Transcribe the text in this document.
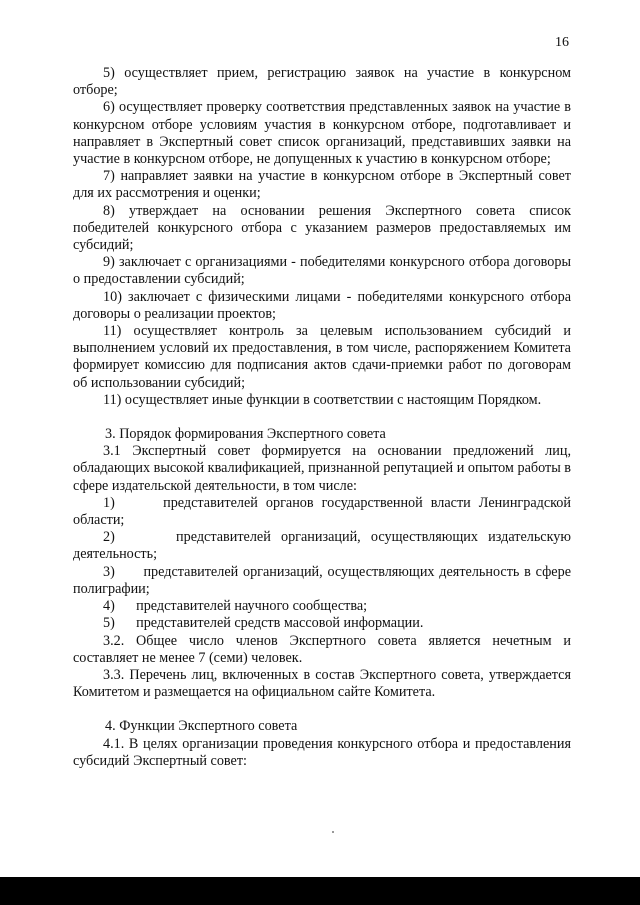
16

5) осуществляет прием, регистрацию заявок на участие в конкурсном отборе;

6) осуществляет проверку соответствия представленных заявок на участие в конкурсном отборе условиям участия в конкурсном отборе, подготавливает и направляет в Экспертный совет список организаций, представивших заявки на участие в конкурсном отборе, не допущенных к участию в конкурсном отборе;

7) направляет заявки на участие в конкурсном отборе в Экспертный совет для их рассмотрения и оценки;

8) утверждает на основании решения Экспертного совета список победителей конкурсного отбора с указанием размеров предоставляемых им субсидий;

9) заключает с организациями - победителями конкурсного отбора договоры о предоставлении субсидий;

10) заключает с физическими лицами - победителями конкурсного отбора договоры о реализации проектов;

11) осуществляет контроль за целевым использованием субсидий и выполнением условий их предоставления, в том числе, распоряжением Комитета формирует комиссию для подписания актов сдачи-приемки работ по договорам об использовании субсидий;

11) осуществляет иные функции в соответствии с настоящим Порядком.

3. Порядок формирования Экспертного совета

3.1 Экспертный совет формируется на основании предложений лиц, обладающих высокой квалификацией, признанной репутацией и опытом работы в сфере издательской деятельности, в том числе:

1)      представителей органов государственной власти Ленинградской области;

2)      представителей организаций, осуществляющих издательскую деятельность;

3)      представителей организаций, осуществляющих деятельность в сфере полиграфии;

4)      представителей научного сообщества;

5)      представителей средств массовой информации.

3.2. Общее число членов Экспертного совета является нечетным и составляет не менее 7 (семи) человек.

3.3. Перечень лиц, включенных в состав Экспертного совета, утверждается Комитетом и размещается на официальном сайте Комитета.

4. Функции Экспертного совета

4.1. В целях организации проведения конкурсного отбора и предоставления субсидий Экспертный совет:
